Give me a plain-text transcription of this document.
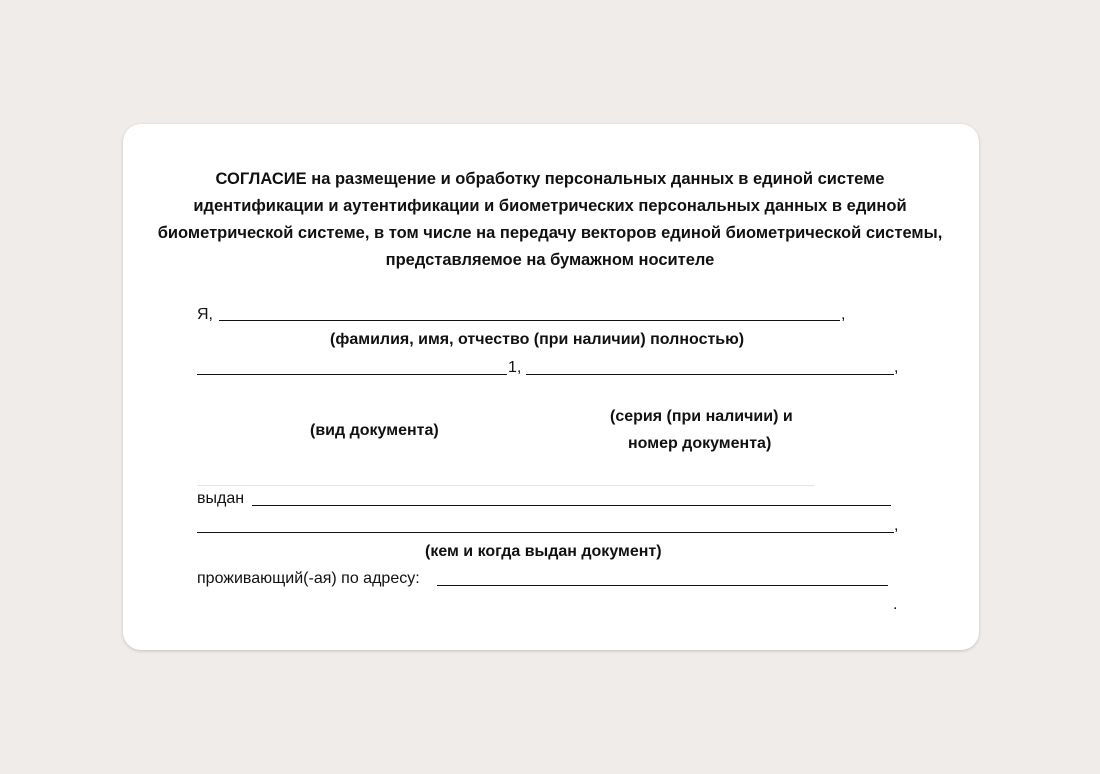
СОГЛАСИЕ на размещение и обработку персональных данных в единой системе идентификации и аутентификации и биометрических персональных данных в единой биометрической системе, в том числе на передачу векторов единой биометрической системы, представляемое на бумажном носителе
Я,	,
(фамилия, имя, отчество (при наличии) полностью)
1,	,
(вид документа)
(серия (при наличии) и
номер документа)
выдан
,
(кем и когда выдан документ)
проживающий(-ая) по адресу:
.
